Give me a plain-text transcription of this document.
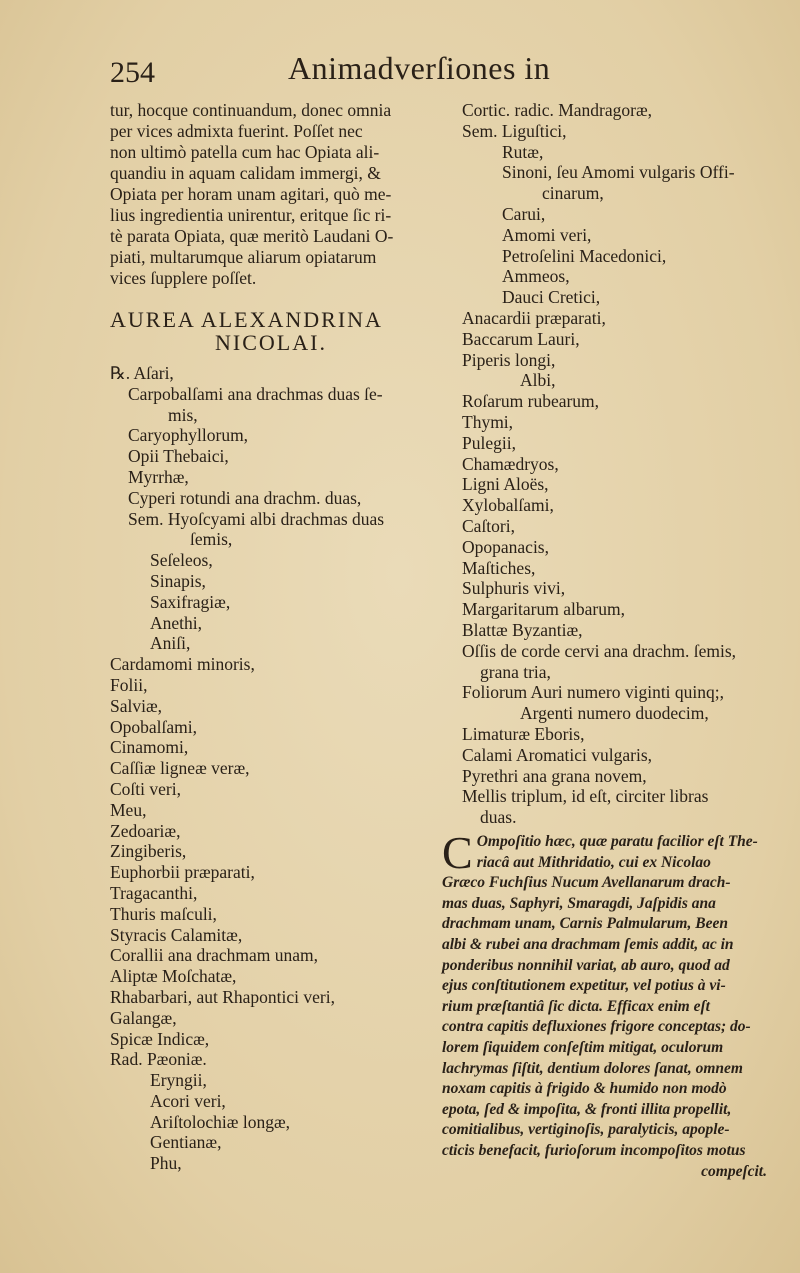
254	Animadverſiones in
tur, hocque continuandum, donec omnia
per vices admixta fuerint. Poſſet nec
non ultimò patella cum hac Opiata ali-
quandiu in aquam calidam immergi, &
Opiata per horam unam agitari, quò me-
lius ingredientia unirentur, eritque ſic ri-
tè parata Opiata, quæ meritò Laudani O-
piati, multarumque aliarum opiatarum
vices ſupplere poſſet.
AUREA ALEXANDRINA
NICOLAI.
℞. Aſari,
Carpobalſami ana drachmas duas ſe-
mis,
Caryophyllorum,
Opii Thebaici,
Myrrhæ,
Cyperi rotundi ana drachm. duas,
Sem. Hyoſcyami albi drachmas duas
ſemis,
Seſeleos,
Sinapis,
Saxifragiæ,
Anethi,
Aniſi,
Cardamomi minoris,
Folii,
Salviæ,
Opobalſami,
Cinamomi,
Caſſiæ ligneæ veræ,
Coſti veri,
Meu,
Zedoariæ,
Zingiberis,
Euphorbii præparati,
Tragacanthi,
Thuris maſculi,
Styracis Calamitæ,
Corallii ana drachmam unam,
Aliptæ Moſchatæ,
Rhabarbari, aut Rhapontici veri,
Galangæ,
Spicæ Indicæ,
Rad. Pæoniæ.
Eryngii,
Acori veri,
Ariſtolochiæ longæ,
Gentianæ,
Phu,
Cortic. radic. Mandragoræ,
Sem. Liguſtici,
Rutæ,
Sinoni, ſeu Amomi vulgaris Offi-
cinarum,
Carui,
Amomi veri,
Petroſelini Macedonici,
Ammeos,
Dauci Cretici,
Anacardii præparati,
Baccarum Lauri,
Piperis longi,
Albi,
Roſarum rubearum,
Thymi,
Pulegii,
Chamædryos,
Ligni Aloës,
Xylobalſami,
Caſtori,
Opopanacis,
Maſtiches,
Sulphuris vivi,
Margaritarum albarum,
Blattæ Byzantiæ,
Oſſis de corde cervi ana drachm. ſemis,
grana tria,
Foliorum Auri numero viginti quinq;,
Argenti numero duodecim,
Limaturæ Eboris,
Calami Aromatici vulgaris,
Pyrethri ana grana novem,
Mellis triplum, id eſt, circiter libras
duas.
C Ompoſitio hæc, quæ paratu facilior eſt The-
riacâ aut Mithridatio, cui ex Nicolao
Græco Fuchſius Nucum Avellanarum drach-
mas duas, Saphyri, Smaragdi, Jaſpidis ana
drachmam unam, Carnis Palmularum, Been
albi & rubei ana drachmam ſemis addit, ac in
ponderibus nonnihil variat, ab auro, quod ad
ejus conſtitutionem expetitur, vel potius à vi-
rium præſtantiâ ſic dicta. Efficax enim eſt
contra capitis defluxiones frigore conceptas; do-
lorem ſiquidem conſeſtim mitigat, oculorum
lachrymas ſiſtit, dentium dolores ſanat, omnem
noxam capitis à frigido & humido non modò
epota, ſed & impoſita, & fronti illita propellit,
comitialibus, vertiginoſis, paralyticis, apople-
cticis benefacit, furioſorum incompoſitos motus
compeſcit.
